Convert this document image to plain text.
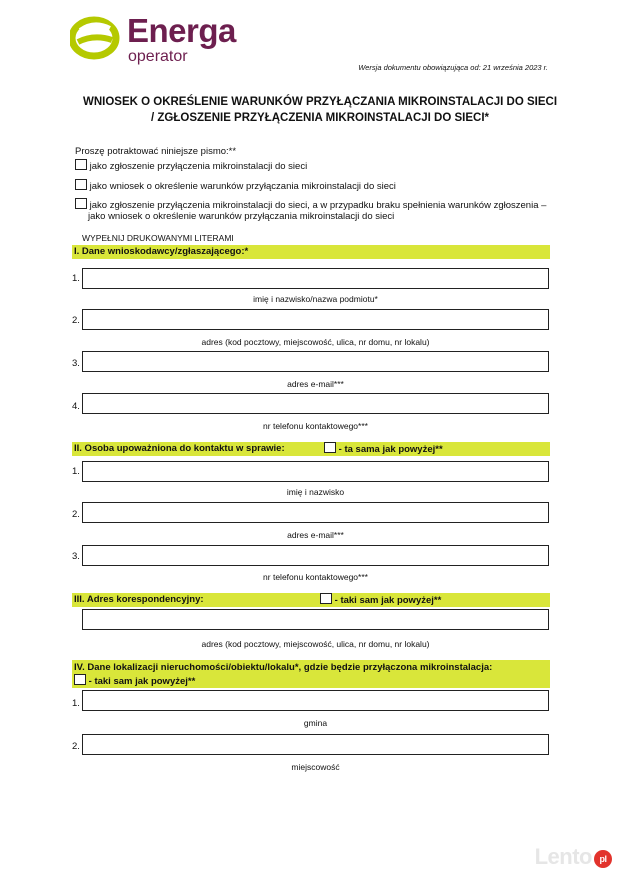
Energa
operator
Wersja dokumentu obowiązująca od: 21 września 2023 r.
WNIOSEK O OKREŚLENIE WARUNKÓW PRZYŁĄCZANIA MIKROINSTALACJI DO SIECI
/ ZGŁOSZENIE PRZYŁĄCZENIA MIKROINSTALACJI DO SIECI*
Proszę potraktować niniejsze pismo:**
jako zgłoszenie przyłączenia mikroinstalacji do sieci
jako wniosek o określenie warunków przyłączania mikroinstalacji do sieci
jako zgłoszenie przyłączenia mikroinstalacji do sieci, a w przypadku braku spełnienia warunków zgłoszenia –
jako wniosek o określenie warunków przyłączania mikroinstalacji do sieci
WYPEŁNIJ DRUKOWANYMI LITERAMI
I. Dane wnioskodawcy/zgłaszającego:*
1.
imię i nazwisko/nazwa podmiotu*
2.
adres (kod pocztowy, miejscowość, ulica, nr domu, nr lokalu)
3.
adres e-mail***
4.
nr telefonu kontaktowego***
II. Osoba upoważniona do kontaktu w sprawie:	- ta sama jak powyżej**
1.
imię i nazwisko
2.
adres e-mail***
3.
nr telefonu kontaktowego***
III. Adres korespondencyjny:	- taki sam jak powyżej**
adres (kod pocztowy, miejscowość, ulica, nr domu, nr lokalu)
IV. Dane lokalizacji nieruchomości/obiektu/lokalu*, gdzie będzie przyłączona mikroinstalacja:
- taki sam jak powyżej**
1.
gmina
2.
miejscowość
Lento pl
